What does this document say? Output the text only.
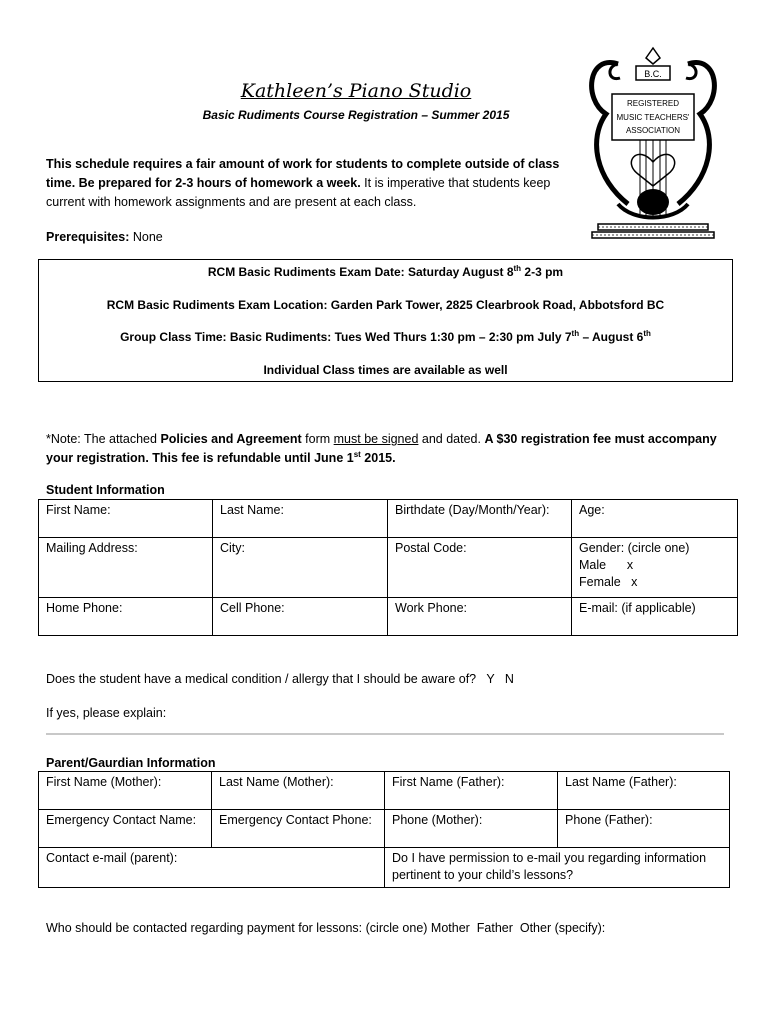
Kathleen’s Piano Studio
Basic Rudiments Course Registration – Summer 2015
B.C.
REGISTERED
MUSIC TEACHERS'
ASSOCIATION
This schedule requires a fair amount of work for students to complete outside of class time. Be prepared for 2-3 hours of homework a week. It is imperative that students keep current with homework assignments and are present at each class.
Prerequisites: None
RCM Basic Rudiments Exam Date: Saturday August 8th 2-3 pm
RCM Basic Rudiments Exam Location: Garden Park Tower, 2825 Clearbrook Road, Abbotsford BC
Group Class Time: Basic Rudiments: Tues Wed Thurs 1:30 pm – 2:30 pm July 7th – August 6th
Individual Class times are available as well
*Note: The attached Policies and Agreement form must be signed and dated. A $30 registration fee must accompany your registration. This fee is refundable until June 1st 2015.
Student Information
First Name:	Last Name:	Birthdate (Day/Month/Year):	Age:
Mailing Address:	City:	Postal Code:	Gender: (circle one)
Male      x
Female   x

Home Phone:	Cell Phone:	Work Phone:	E-mail: (if applicable)
Does the student have a medical condition / allergy that I should be aware of?   Y   N
If yes, please explain:
Parent/Gaurdian Information
First Name (Mother):	Last Name (Mother):	First Name (Father):	Last Name (Father):
Emergency Contact Name:	Emergency Contact Phone:	Phone (Mother):	Phone (Father):
Contact e-mail (parent):		Do I have permission to e-mail you regarding information pertinent to your child’s lessons?	
Who should be contacted regarding payment for lessons: (circle one) Mother  Father  Other (specify):
